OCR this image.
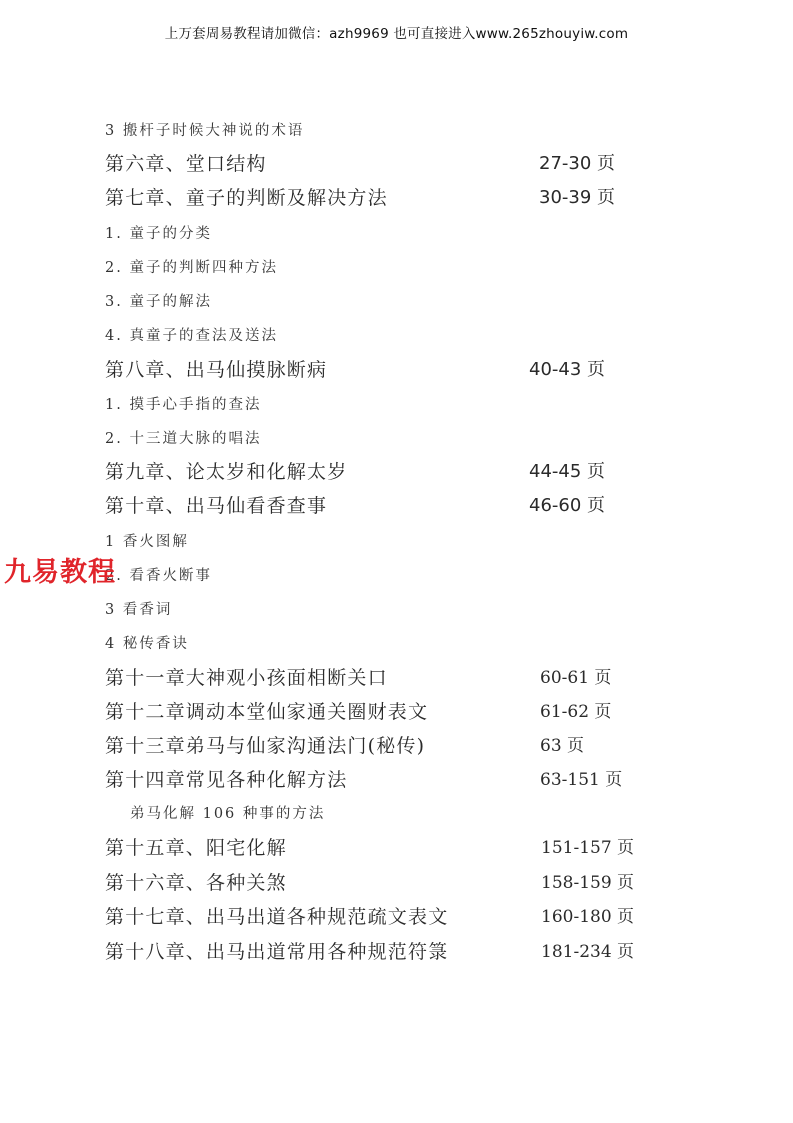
上万套周易教程请加微信：azh9969 也可直接进入www.265zhouyiw.com
九易教程
3 搬杆子时候大神说的术语
第六章、堂口结构	27-30 页
第七章、童子的判断及解决方法	30-39 页
1. 童子的分类
2. 童子的判断四种方法
3. 童子的解法
4. 真童子的查法及送法
第八章、出马仙摸脉断病	40-43 页
1. 摸手心手指的查法
2. 十三道大脉的唱法
第九章、论太岁和化解太岁	44-45 页
第十章、出马仙看香查事	46-60 页
1 香火图解
2. 看香火断事
3 看香词
4 秘传香诀
第十一章大神观小孩面相断关口	60-61 页
第十二章调动本堂仙家通关圈财表文	61-62 页
第十三章弟马与仙家沟通法门(秘传)	63 页
第十四章常见各种化解方法	63-151 页
弟马化解 106 种事的方法
第十五章、阳宅化解	151-157 页
第十六章、各种关煞	158-159 页
第十七章、出马出道各种规范疏文表文	160-180 页
第十八章、出马出道常用各种规范符箓	181-234 页
